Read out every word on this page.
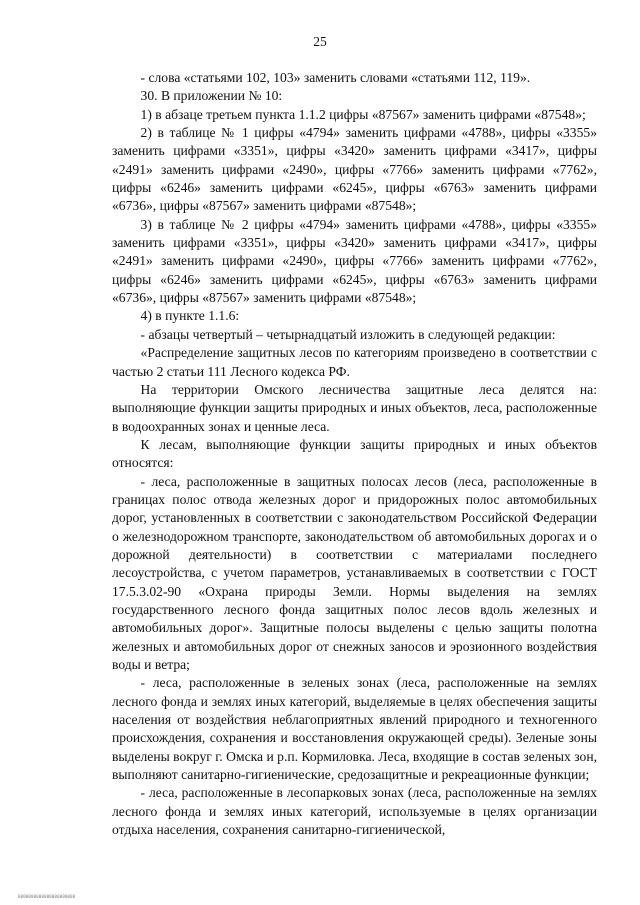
25

- слова «статьями 102, 103» заменить словами «статьями 112, 119».

30. В приложении № 10:

1) в абзаце третьем пункта 1.1.2 цифры «87567» заменить цифрами «87548»;

2) в таблице № 1 цифры «4794» заменить цифрами «4788», цифры «3355» заменить цифрами «3351», цифры «3420» заменить цифрами «3417», цифры «2491» заменить цифрами «2490», цифры «7766» заменить цифрами «7762», цифры «6246» заменить цифрами «6245», цифры «6763» заменить цифрами «6736», цифры «87567» заменить цифрами «87548»;

3) в таблице № 2 цифры «4794» заменить цифрами «4788», цифры «3355» заменить цифрами «3351», цифры «3420» заменить цифрами «3417», цифры «2491» заменить цифрами «2490», цифры «7766» заменить цифрами «7762», цифры «6246» заменить цифрами «6245», цифры «6763» заменить цифрами «6736», цифры «87567» заменить цифрами «87548»;

4) в пункте 1.1.6:

- абзацы четвертый – четырнадцатый изложить в следующей редакции:

«Распределение защитных лесов по категориям произведено в соответствии с частью 2 статьи 111 Лесного кодекса РФ.

На территории Омского лесничества защитные леса делятся на: выполняющие функции защиты природных и иных объектов, леса, расположенные в водоохранных зонах и ценные леса.

К лесам, выполняющие функции защиты природных и иных объектов относятся:

- леса, расположенные в защитных полосах лесов (леса, расположенные в границах полос отвода железных дорог и придорожных полос автомобильных дорог, установленных в соответствии с законодательством Российской Федерации о железнодорожном транспорте, законодательством об автомобильных дорогах и о дорожной деятельности) в соответствии с материалами последнего лесоустройства, с учетом параметров, устанавливаемых в соответствии с ГОСТ 17.5.3.02-90 «Охрана природы Земли. Нормы выделения на землях государственного лесного фонда защитных полос лесов вдоль железных и автомобильных дорог». Защитные полосы выделены с целью защиты полотна железных и автомобильных дорог от снежных заносов и эрозионного воздействия воды и ветра;

- леса, расположенные в зеленых зонах (леса, расположенные на землях лесного фонда и землях иных категорий, выделяемые в целях обеспечения защиты населения от воздействия неблагоприятных явлений природного и техногенного происхождения, сохранения и восстановления окружающей среды). Зеленые зоны выделены вокруг г. Омска и р.п. Кормиловка. Леса, входящие в состав зеленых зон, выполняют санитарно-гигиенические, средозащитные и рекреационные функции;

- леса, расположенные в лесопарковых зонах (леса, расположенные на землях лесного фонда и землях иных категорий, используемые в целях организации отдыха населения, сохранения санитарно-гигиенической,

0000000000000000000000
